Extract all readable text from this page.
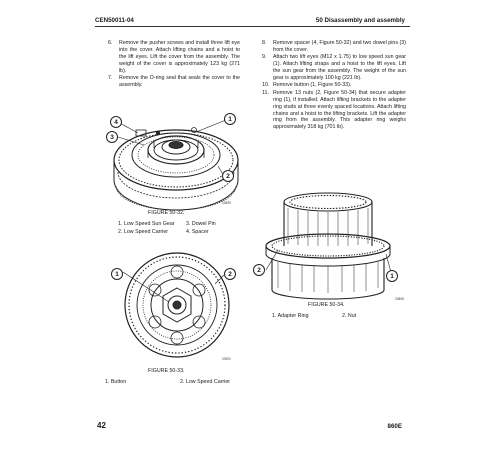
CEN50011-04	50 Disassembly and assembly
6.	Remove the pusher screws and install three lift eye into the cover. Attach lifting chains and a hoist to the lift eyes. Lift the cover from the assembly. The weight of the cover is approximately 123 kg (271 lb).
7.	Remove the O-ring seal that seals the cover to the assembly.
8.	Remove spacer (4, Figure 50-32) and two dowel pins (3) from the cover.
9.	Attach two lift eyes (M12 x 1.75) to low speed sun gear (1). Attach lifting straps and a hoist to the lift eyes. Lift the sun gear from the assembly. The weight of the sun gear is approximately 100 kg (221 lb).
10. Remove button (1, Figure 50-33).
11. Remove 13 nuts (2, Figure 50-34) that secure adapter ring (1), if installed. Attach lifting brackets to the adapter ring studs at three evenly spaced locations. Attach lifting chains and a hoist to the lifting brackets. Lift the adapter ring from the assembly. This adapter ring weighs approximately 318 kg (701 lb).
4
3
1
2
03899
FIGURE 50-32.
1. Low Speed Sun Gear	3. Dowel Pin
2. Low Speed Carrier	4. Spacer
1	2
03900
FIGURE 50-33.
1. Button	2. Low Speed Carrier
2
1
03898
FIGURE 50-34.
1. Adapter Ring	2. Nut
42	860E
